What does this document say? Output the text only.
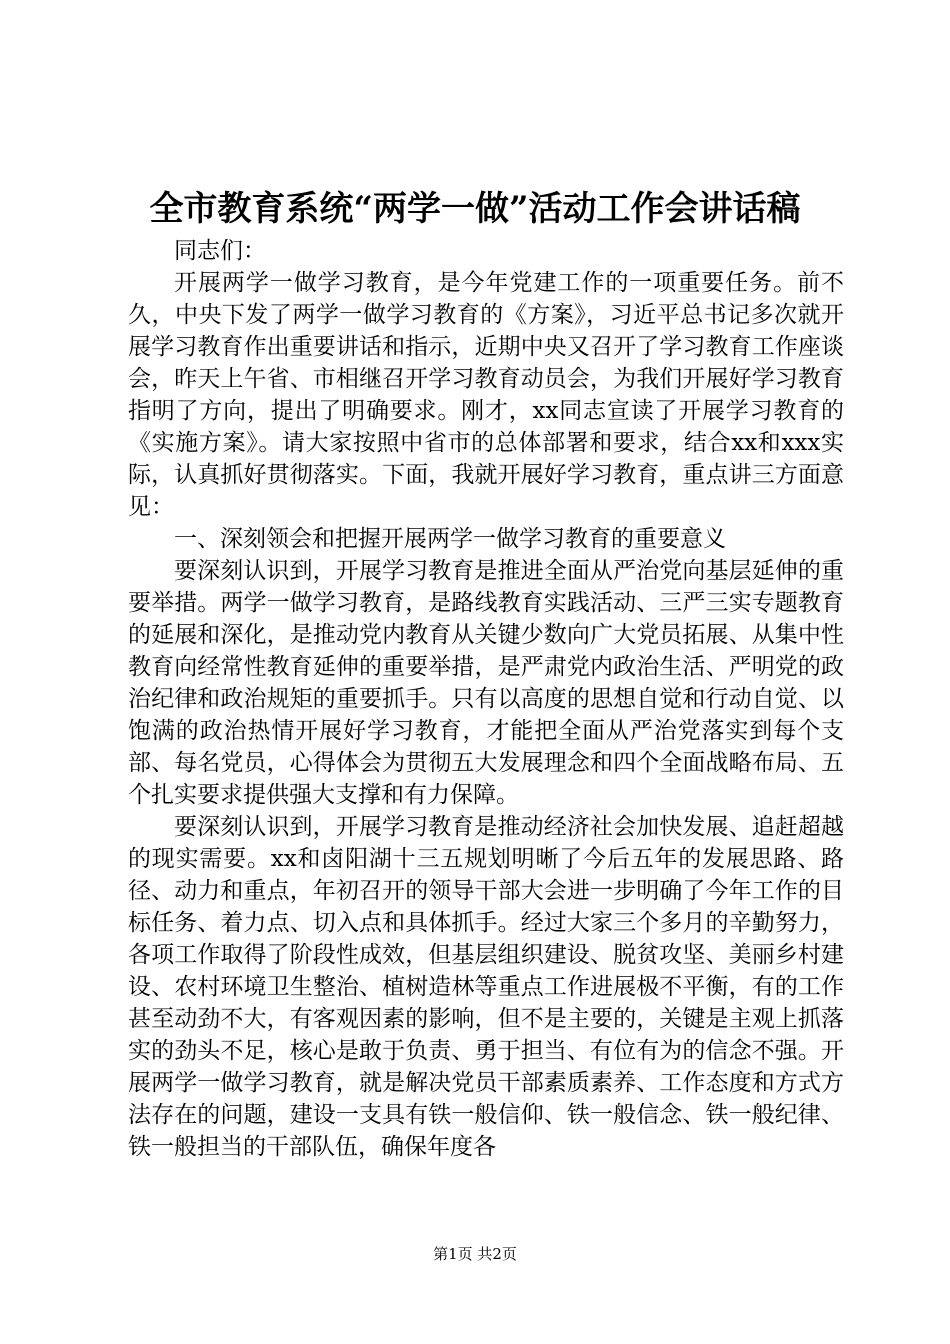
全市教育系统“两学一做”活动工作会讲话稿

同志们：

开展两学一做学习教育，是今年党建工作的一项重要任务。前不久，中央下发了两学一做学习教育的《方案》，习近平总书记多次就开展学习教育作出重要讲话和指示，近期中央又召开了学习教育工作座谈会，昨天上午省、市相继召开学习教育动员会，为我们开展好学习教育指明了方向，提出了明确要求。刚才，xx同志宣读了开展学习教育的《实施方案》。请大家按照中省市的总体部署和要求，结合xx和xxx实际，认真抓好贯彻落实。下面，我就开展好学习教育，重点讲三方面意见：

一、深刻领会和把握开展两学一做学习教育的重要意义

要深刻认识到，开展学习教育是推进全面从严治党向基层延伸的重要举措。两学一做学习教育，是路线教育实践活动、三严三实专题教育的延展和深化，是推动党内教育从关键少数向广大党员拓展、从集中性教育向经常性教育延伸的重要举措，是严肃党内政治生活、严明党的政治纪律和政治规矩的重要抓手。只有以高度的思想自觉和行动自觉、以饱满的政治热情开展好学习教育，才能把全面从严治党落实到每个支部、每名党员，心得体会为贯彻五大发展理念和四个全面战略布局、五个扎实要求提供强大支撑和有力保障。

要深刻认识到，开展学习教育是推动经济社会加快发展、追赶超越的现实需要。xx和卤阳湖十三五规划明晰了今后五年的发展思路、路径、动力和重点，年初召开的领导干部大会进一步明确了今年工作的目标任务、着力点、切入点和具体抓手。经过大家三个多月的辛勤努力，各项工作取得了阶段性成效，但基层组织建设、脱贫攻坚、美丽乡村建设、农村环境卫生整治、植树造林等重点工作进展极不平衡，有的工作甚至动劲不大，有客观因素的影响，但不是主要的，关键是主观上抓落实的劲头不足，核心是敢于负责、勇于担当、有位有为的信念不强。开展两学一做学习教育，就是解决党员干部素质素养、工作态度和方式方法存在的问题，建设一支具有铁一般信仰、铁一般信念、铁一般纪律、铁一般担当的干部队伍，确保年度各

第1页 共2页
